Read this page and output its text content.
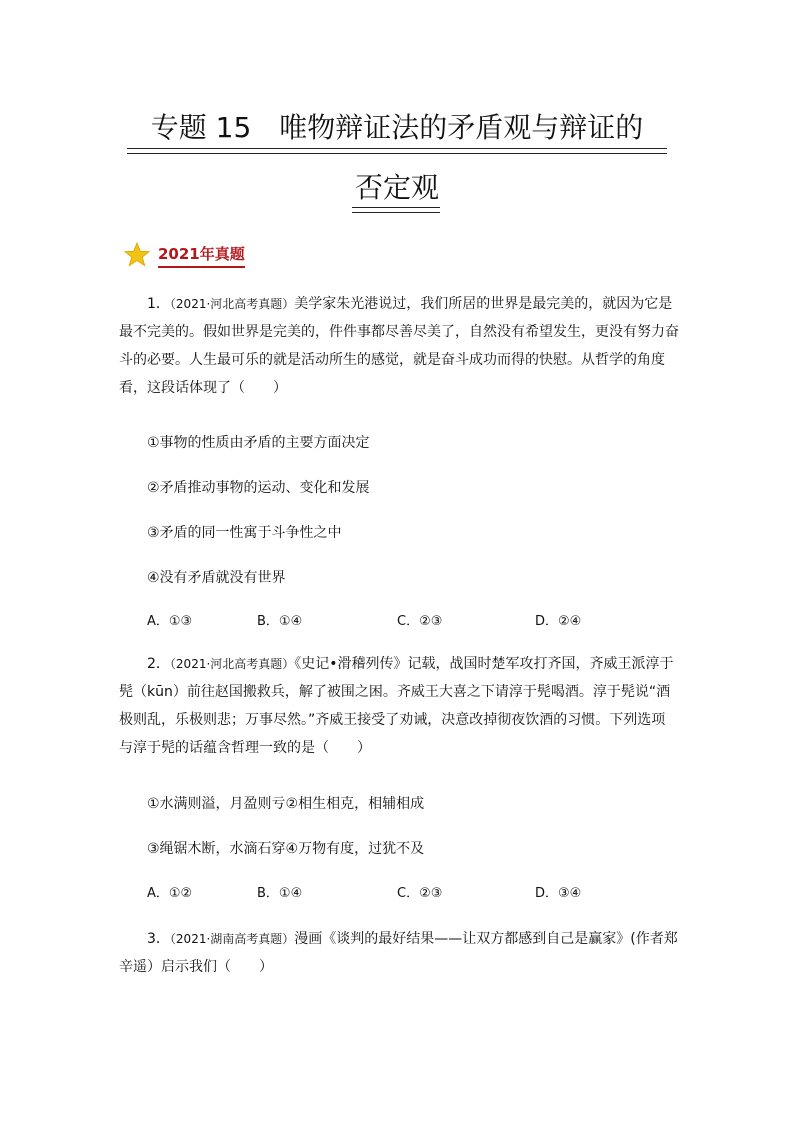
专题 15　唯物辩证法的矛盾观与辩证的
否定观
2021年真题
1．（2021·河北高考真题）美学家朱光港说过，我们所居的世界是最完美的，就因为它是最不完美的。假如世界是完美的，件件事都尽善尽美了，自然没有希望发生，更没有努力奋斗的必要。人生最可乐的就是活动所生的感觉，就是奋斗成功而得的快慰。从哲学的角度看，这段话体现了（　　）
①事物的性质由矛盾的主要方面决定
②矛盾推动事物的运动、变化和发展
③矛盾的同一性寓于斗争性之中
④没有矛盾就没有世界
A．①③	B．①④	C．②③	D．②④
2．（2021·河北高考真题）《史记•滑稽列传》记载，战国时楚军攻打齐国，齐威王派淳于髡（kūn）前往赵国搬救兵，解了被围之困。齐威王大喜之下请淳于髡喝酒。淳于髡说“酒极则乱，乐极则悲；万事尽然。”齐威王接受了劝诫，决意改掉彻夜饮酒的习惯。下列选项与淳于髡的话蕴含哲理一致的是（　　）
①水满则溢，月盈则亏②相生相克，相辅相成
③绳锯木断，水滴石穿④万物有度，过犹不及
A．①②	B．①④	C．②③	D．③④
3．（2021·湖南高考真题）漫画《谈判的最好结果——让双方都感到自己是赢家》(作者郑辛遥）启示我们（　　）
